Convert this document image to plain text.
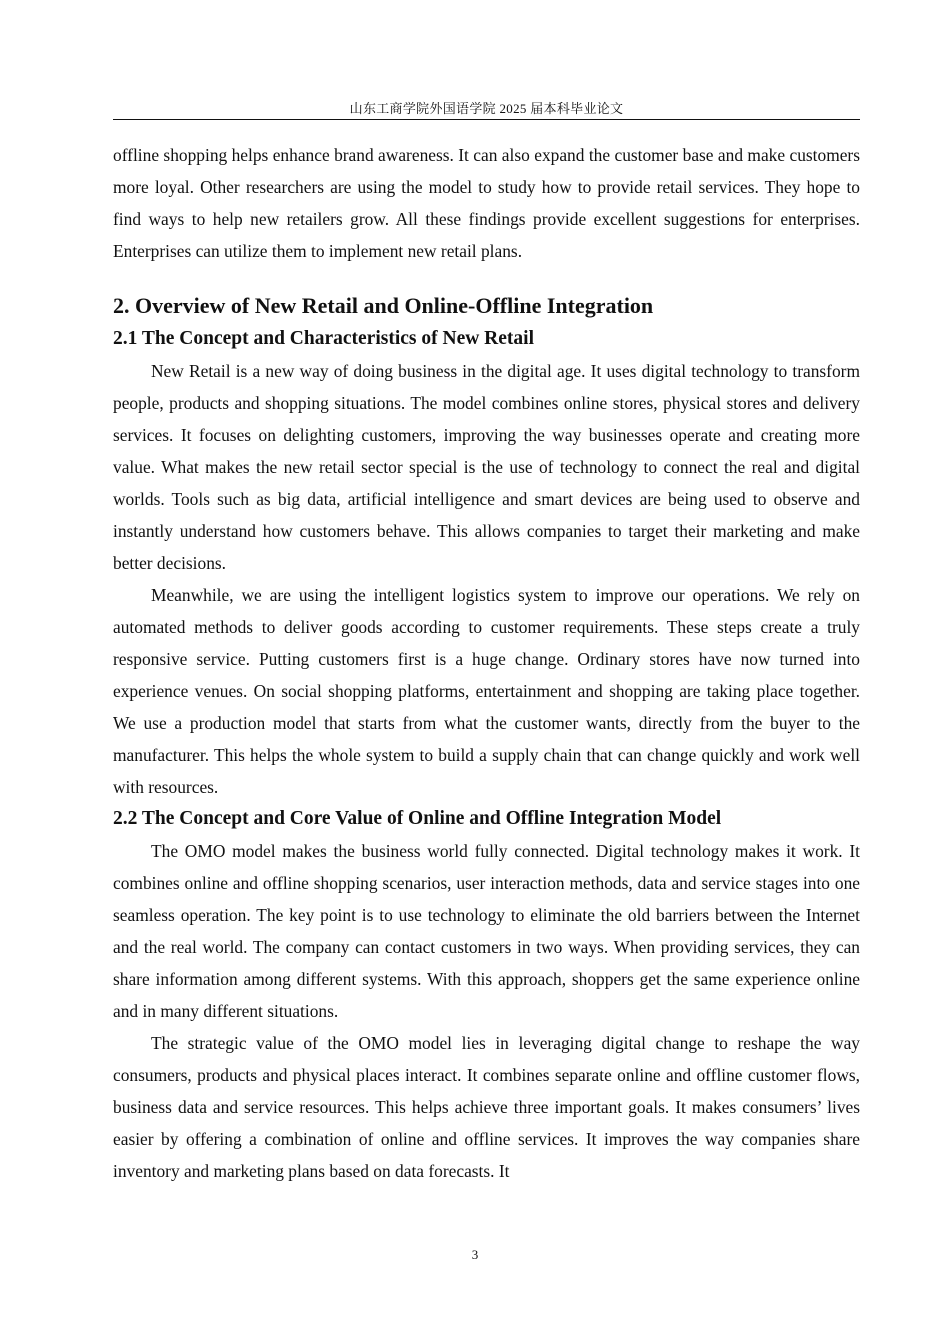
山东工商学院外国语学院 2025 届本科毕业论文

offline shopping helps enhance brand awareness. It can also expand the customer base and make customers more loyal. Other researchers are using the model to study how to provide retail services. They hope to find ways to help new retailers grow. All these findings provide excellent suggestions for enterprises. Enterprises can utilize them to implement new retail plans.

2. Overview of New Retail and Online-Offline Integration
2.1 The Concept and Characteristics of New Retail

New Retail is a new way of doing business in the digital age. It uses digital technology to transform people, products and shopping situations. The model combines online stores, physical stores and delivery services. It focuses on delighting customers, improving the way businesses operate and creating more value. What makes the new retail sector special is the use of technology to connect the real and digital worlds. Tools such as big data, artificial intelligence and smart devices are being used to observe and instantly understand how customers behave. This allows companies to target their marketing and make better decisions.

Meanwhile, we are using the intelligent logistics system to improve our operations. We rely on automated methods to deliver goods according to customer requirements. These steps create a truly responsive service. Putting customers first is a huge change. Ordinary stores have now turned into experience venues. On social shopping platforms, entertainment and shopping are taking place together. We use a production model that starts from what the customer wants, directly from the buyer to the manufacturer. This helps the whole system to build a supply chain that can change quickly and work well with resources.

2.2 The Concept and Core Value of Online and Offline Integration Model

The OMO model makes the business world fully connected. Digital technology makes it work. It combines online and offline shopping scenarios, user interaction methods, data and service stages into one seamless operation. The key point is to use technology to eliminate the old barriers between the Internet and the real world. The company can contact customers in two ways. When providing services, they can share information among different systems. With this approach, shoppers get the same experience online and in many different situations.

The strategic value of the OMO model lies in leveraging digital change to reshape the way consumers, products and physical places interact. It combines separate online and offline customer flows, business data and service resources. This helps achieve three important goals. It makes consumers’ lives easier by offering a combination of online and offline services. It improves the way companies share inventory and marketing plans based on data forecasts. It

3
